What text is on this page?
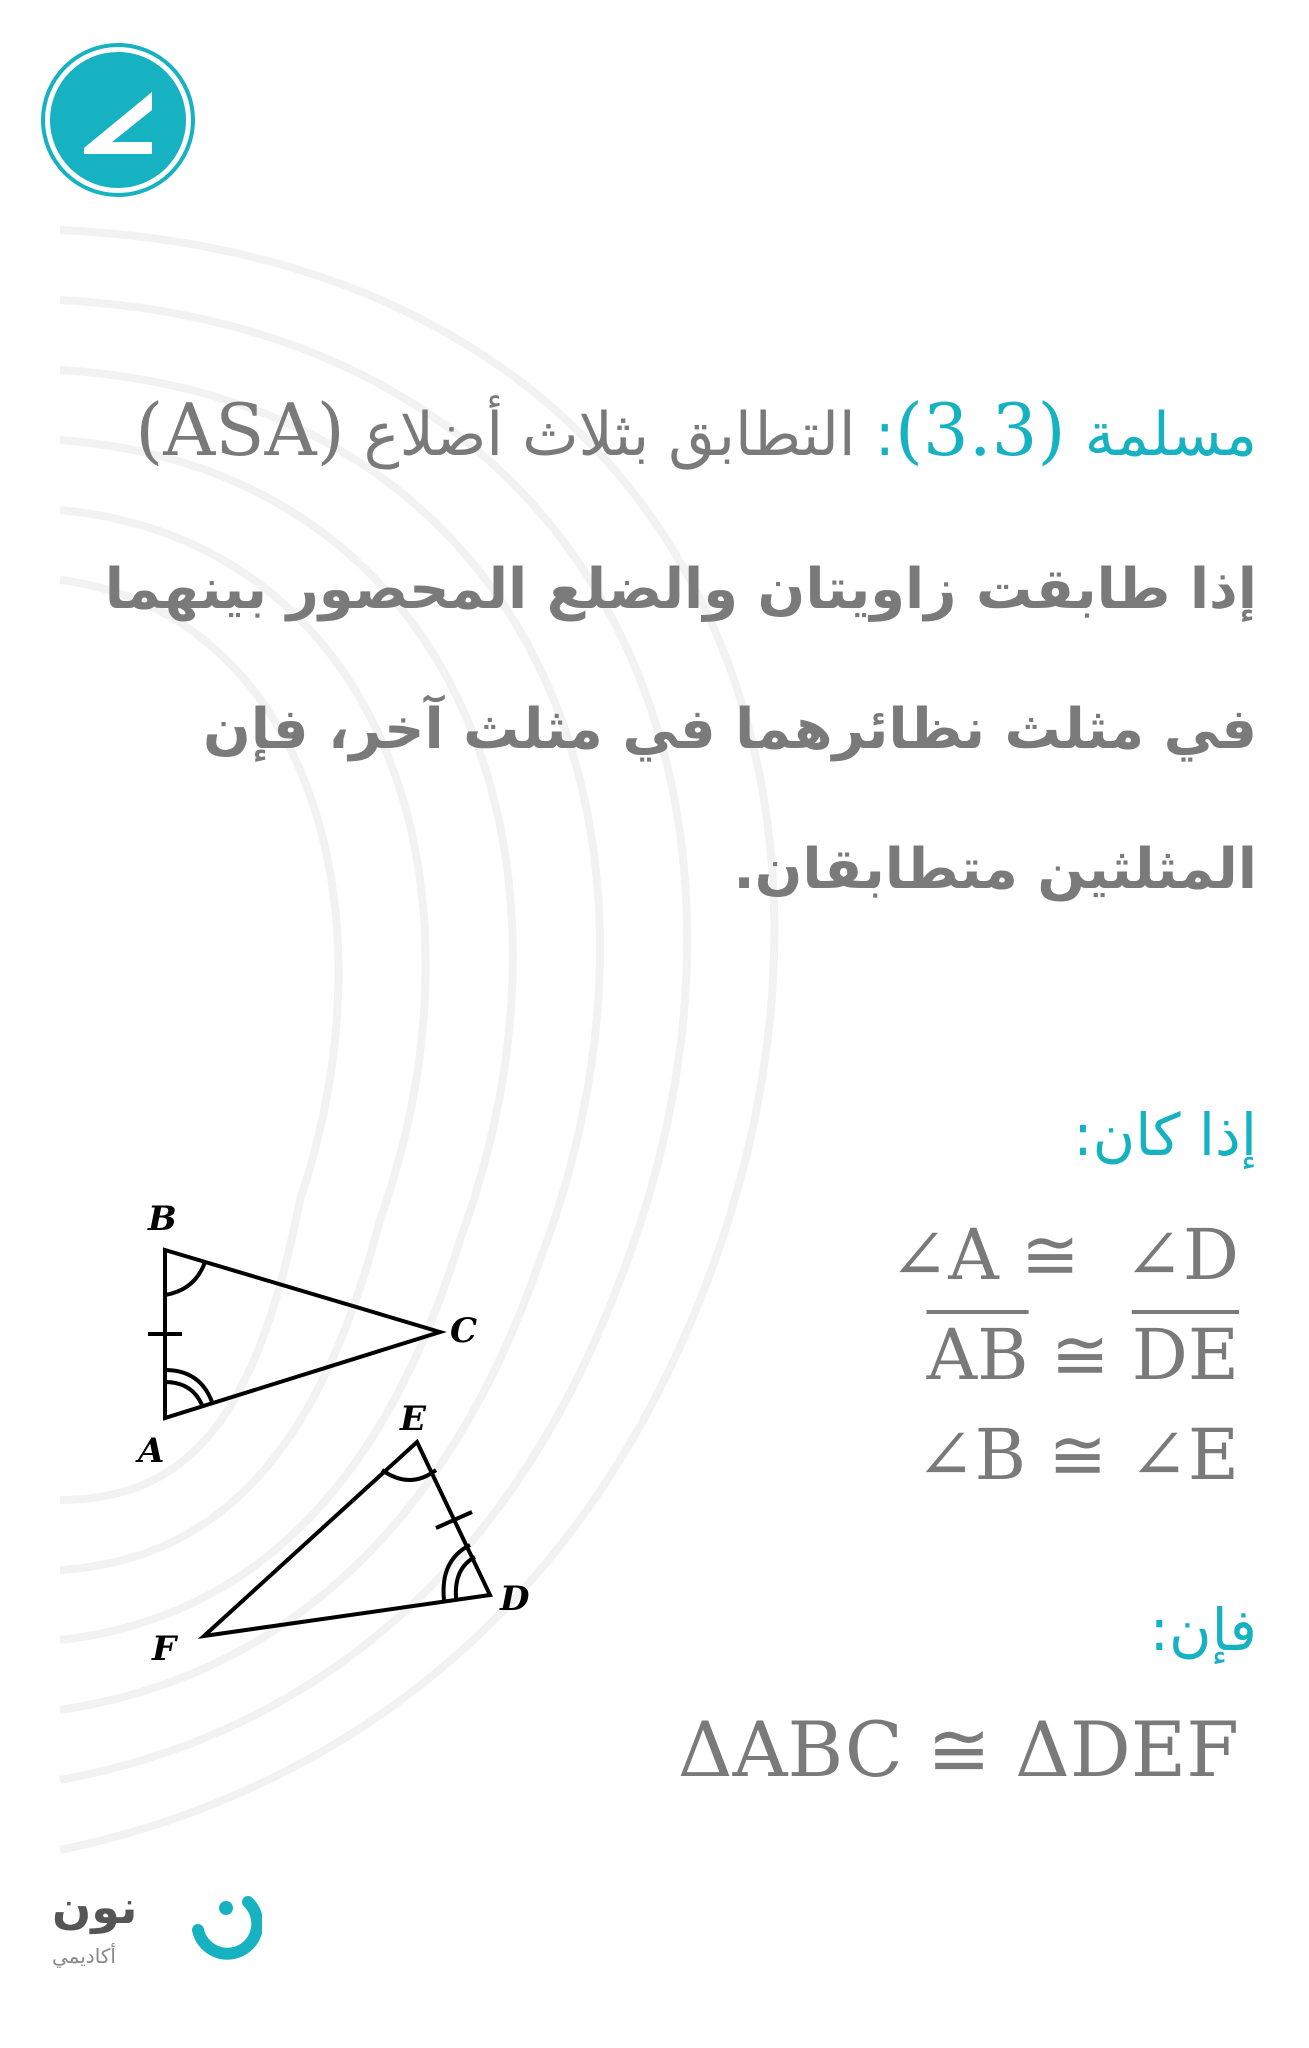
مسلمة (3.3): التطابق بثلاث أضلاع (ASA)
إذا طابقت زاويتان والضلع المحصور بينهما في مثلث نظائرهما في مثلث آخر، فإن المثلثين متطابقان.
إذا كان:
∠A ≅ ∠D
$\overline{AB}$ ≅ $\overline{DE}$
∠B ≅ ∠E
فإن:
ΔABC ≅ ΔDEF
B
C
A
E
D
F
نون
أكاديمي
